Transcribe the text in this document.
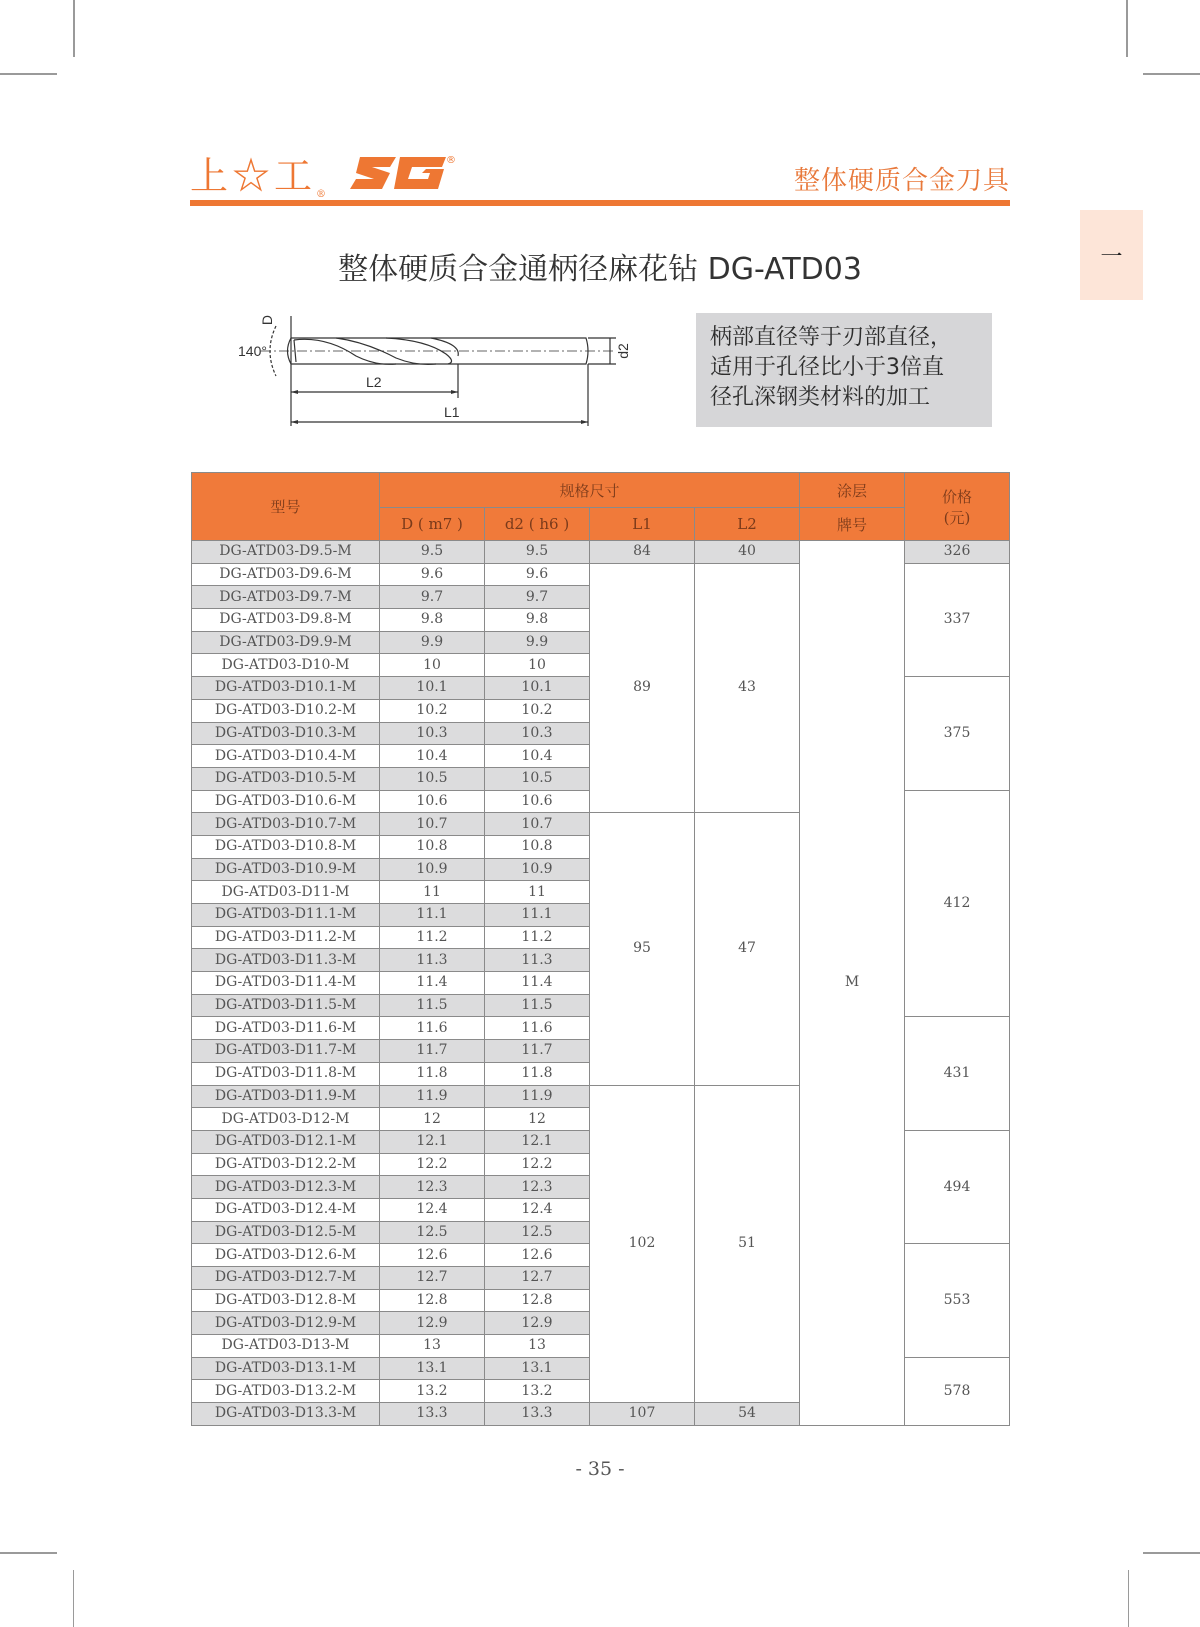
上☆工®
®
整体硬质合金刀具
一
整体硬质合金通柄径麻花钻 DG-ATD03
140°
L2
L1
D
d2
柄部直径等于刃部直径，
适用于孔径比小于3倍直
径孔深钢类材料的加工
型号	规格尺寸				涂层	价格
(元)

	D ( m7 )	d2 ( h6 )	L1	L2	牌号	
DG-ATD03-D9.5-M	9.5	9.5	84	40	M	326
DG-ATD03-D9.6-M	9.6	9.6	89	43		337
DG-ATD03-D9.7-M	9.7	9.7				
DG-ATD03-D9.8-M	9.8	9.8				
DG-ATD03-D9.9-M	9.9	9.9				
DG-ATD03-D10-M	10	10				
DG-ATD03-D10.1-M	10.1	10.1				375
DG-ATD03-D10.2-M	10.2	10.2				
DG-ATD03-D10.3-M	10.3	10.3				
DG-ATD03-D10.4-M	10.4	10.4				
DG-ATD03-D10.5-M	10.5	10.5				
DG-ATD03-D10.6-M	10.6	10.6				412
DG-ATD03-D10.7-M	10.7	10.7	95	47		
DG-ATD03-D10.8-M	10.8	10.8				
DG-ATD03-D10.9-M	10.9	10.9				
DG-ATD03-D11-M	11	11				
DG-ATD03-D11.1-M	11.1	11.1				
DG-ATD03-D11.2-M	11.2	11.2				
DG-ATD03-D11.3-M	11.3	11.3				
DG-ATD03-D11.4-M	11.4	11.4				
DG-ATD03-D11.5-M	11.5	11.5				
DG-ATD03-D11.6-M	11.6	11.6				431
DG-ATD03-D11.7-M	11.7	11.7				
DG-ATD03-D11.8-M	11.8	11.8				
DG-ATD03-D11.9-M	11.9	11.9	102	51		
DG-ATD03-D12-M	12	12				
DG-ATD03-D12.1-M	12.1	12.1				494
DG-ATD03-D12.2-M	12.2	12.2				
DG-ATD03-D12.3-M	12.3	12.3				
DG-ATD03-D12.4-M	12.4	12.4				
DG-ATD03-D12.5-M	12.5	12.5				
DG-ATD03-D12.6-M	12.6	12.6				553
DG-ATD03-D12.7-M	12.7	12.7				
DG-ATD03-D12.8-M	12.8	12.8				
DG-ATD03-D12.9-M	12.9	12.9				
DG-ATD03-D13-M	13	13				
DG-ATD03-D13.1-M	13.1	13.1				578
DG-ATD03-D13.2-M	13.2	13.2				
DG-ATD03-D13.3-M	13.3	13.3	107	54		
- 35 -
